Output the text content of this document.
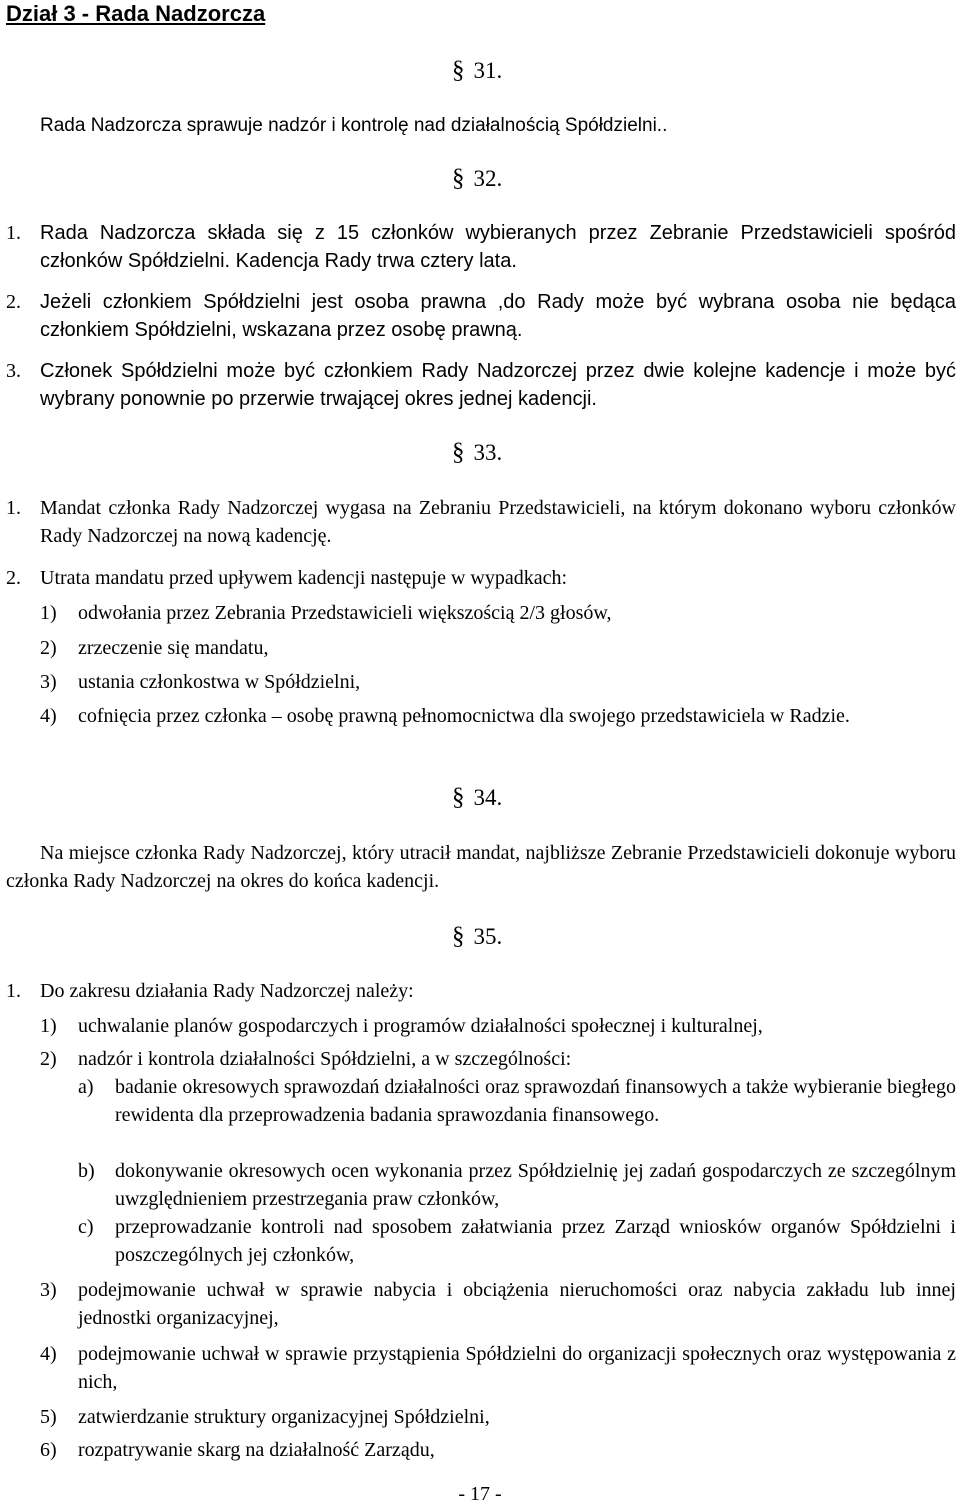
Dział 3 - Rada Nadzorcza
§ 31.
Rada Nadzorcza sprawuje nadzór i kontrolę nad działalnością Spółdzielni..
§ 32.
1. Rada Nadzorcza składa się z 15 członków wybieranych przez Zebranie Przedstawicieli spośród członków Spółdzielni. Kadencja Rady trwa cztery lata.
2. Jeżeli członkiem Spółdzielni jest osoba prawna ,do Rady może być wybrana osoba nie będąca członkiem Spółdzielni, wskazana przez osobę prawną.
3. Członek Spółdzielni może być członkiem Rady Nadzorczej przez dwie kolejne kadencje i może być wybrany ponownie po przerwie trwającej okres jednej kadencji.
§ 33.
1. Mandat członka Rady Nadzorczej wygasa na Zebraniu Przedstawicieli, na którym dokonano wyboru członków Rady Nadzorczej na nową kadencję.
2. Utrata mandatu przed upływem kadencji następuje w wypadkach:
1) odwołania przez Zebrania Przedstawicieli większością 2/3 głosów,
2) zrzeczenie się mandatu,
3) ustania członkostwa w Spółdzielni,
4) cofnięcia przez członka – osobę prawną pełnomocnictwa dla swojego przedstawiciela w Radzie.
§ 34.
Na miejsce członka Rady Nadzorczej, który utracił mandat, najbliższe Zebranie Przedstawicieli dokonuje wyboru członka Rady Nadzorczej na okres do końca kadencji.
§ 35.
1. Do zakresu działania Rady Nadzorczej należy:
1) uchwalanie planów gospodarczych i programów działalności społecznej i kulturalnej,
2) nadzór i kontrola działalności Spółdzielni, a w szczególności:
a) badanie okresowych sprawozdań działalności oraz sprawozdań finansowych a także wybieranie biegłego rewidenta dla przeprowadzenia badania sprawozdania finansowego.
b) dokonywanie okresowych ocen wykonania przez Spółdzielnię jej zadań gospodarczych ze szczególnym uwzględnieniem przestrzegania praw członków,
c) przeprowadzanie kontroli nad sposobem załatwiania przez Zarząd wniosków organów Spółdzielni i poszczególnych jej członków,
3) podejmowanie uchwał w sprawie nabycia i obciążenia nieruchomości oraz nabycia zakładu lub innej jednostki organizacyjnej,
4) podejmowanie uchwał w sprawie przystąpienia Spółdzielni do organizacji społecznych oraz występowania z nich,
5) zatwierdzanie struktury organizacyjnej Spółdzielni,
6) rozpatrywanie skarg na działalność Zarządu,
- 17 -
